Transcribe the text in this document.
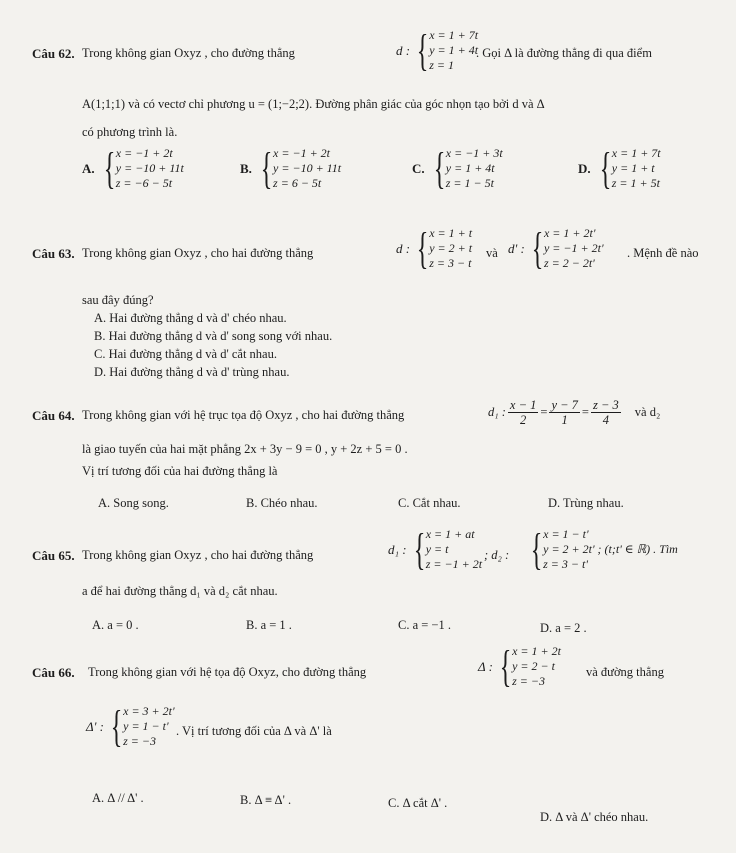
Câu 62. Trong không gian Oxyz , cho đường thẳng	d : { x = 1 + 7t
y = 1 + 4t
z = 1
. Gọi Δ là đường thẳng đi qua điểm
A(1;1;1) và có vectơ chỉ phương u = (1;−2;2). Đường phân giác của góc nhọn tạo bởi d và Δ
có phương trình là.
A. { x = −1 + 2t
y = −10 + 11t
z = −6 − 5t
B. { x = −1 + 2t
y = −10 + 11t
z = 6 − 5t
C. { x = −1 + 3t
y = 1 + 4t
z = 1 − 5t
D. { x = 1 + 7t
y = 1 + t
z = 1 + 5t
Câu 63. Trong không gian Oxyz , cho hai đường thẳng	d : { x = 1 + t
y = 2 + t
z = 3 − t
và d' : { x = 1 + 2t'
y = −1 + 2t'
z = 2 − 2t'
. Mệnh đề nào
sau đây đúng?
A. Hai đường thẳng d và d' chéo nhau.
B. Hai đường thẳng d và d' song song với nhau.
C. Hai đường thẳng d và d' cắt nhau.
D. Hai đường thẳng d và d' trùng nhau.
Câu 64. Trong không gian với hệ trục tọa độ Oxyz , cho hai đường thẳng	d₁ : $\frac{x - 1}{2} = \frac{y - 7}{1} = \frac{z - 3}{4}$ và d₂
là giao tuyến của hai mặt phẳng 2x + 3y − 9 = 0 , y + 2z + 5 = 0 .
Vị trí tương đối của hai đường thẳng là
A. Song song.	B. Chéo nhau.	C. Cắt nhau.	D. Trùng nhau.
Câu 65. Trong không gian Oxyz , cho hai đường thẳng	d₁ : { x = 1 + at
y = t
z = −1 + 2t
; d₂ : { x = 1 − t'
y = 2 + 2t' ; (t;t' ∈ ℝ) . Tìm
z = 3 − t'
a để hai đường thẳng d₁ và d₂ cắt nhau.
A. a = 0 .	B. a = 1 .	C. a = −1 .	D. a = 2 .
Câu 66. Trong không gian với hệ tọa độ Oxyz, cho đường thẳng	Δ : { x = 1 + 2t
y = 2 − t
z = −3
và đường thẳng
Δ' : { x = 3 + 2t'
y = 1 − t'
z = −3
. Vị trí tương đối của Δ và Δ' là
A. Δ // Δ' .	B. Δ ≡ Δ' .	C. Δ cắt Δ' .
D. Δ và Δ' chéo nhau.
